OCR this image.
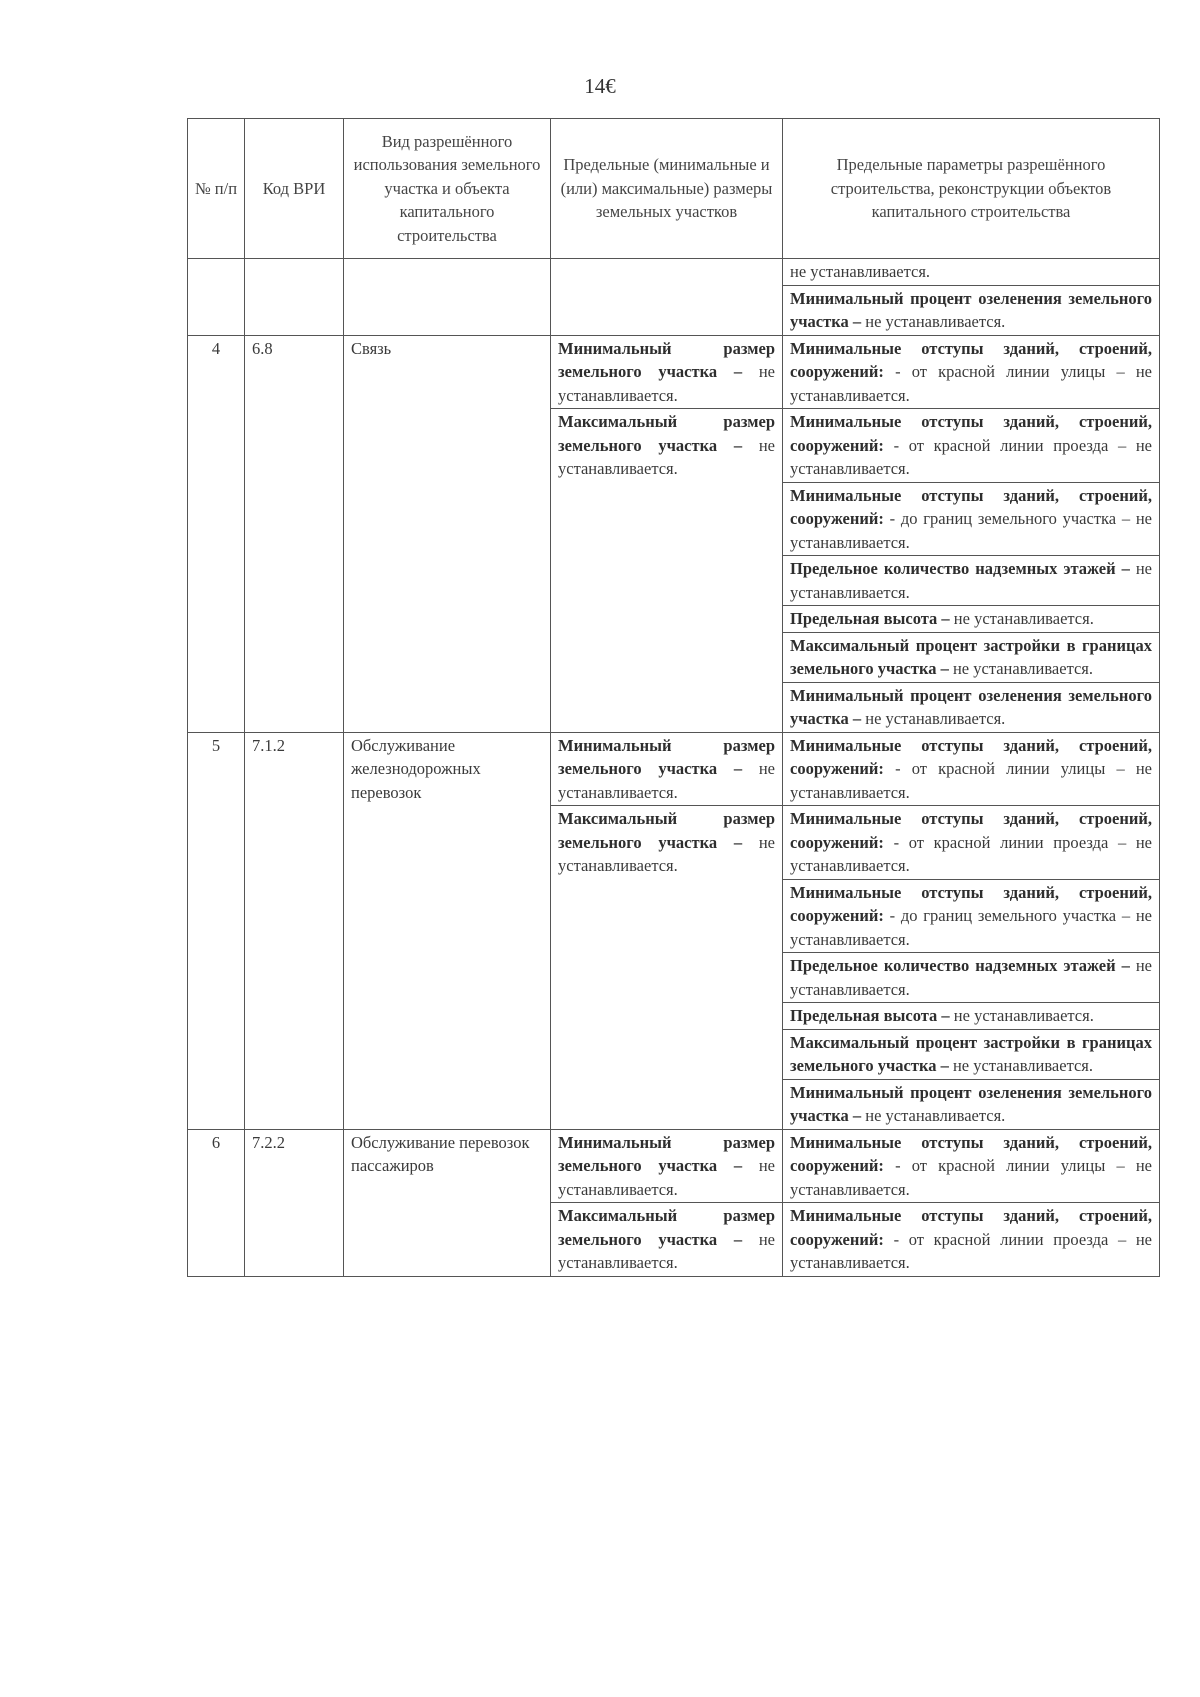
14€
№ п/п	Код ВРИ	Вид разрешённого использования земельного участка и объекта капитального строительства	Предельные (минимальные и (или) максимальные) размеры земельных участков	Предельные параметры разрешённого строительства, реконструкции объектов капитального строительства
				не устанавливается.
				Минимальный процент озеленения земельного участка – не устанавливается.
4	6.8	Связь	Минимальный размер земельного участка – не устанавливается.	Минимальные отступы зданий, строений, сооружений: - от красной линии улицы – не устанавливается.
			Максимальный размер земельного участка – не устанавливается.	Минимальные отступы зданий, строений, сооружений: - от красной линии проезда – не устанавливается.
				Минимальные отступы зданий, строений, сооружений: - до границ земельного участка – не устанавливается.
				Предельное количество надземных этажей – не устанавливается.
				Предельная высота – не устанавливается.
				Максимальный процент застройки в границах земельного участка – не устанавливается.
				Минимальный процент озеленения земельного участка – не устанавливается.
5	7.1.2	Обслуживание железнодорожных перевозок	Минимальный размер земельного участка – не устанавливается.	Минимальные отступы зданий, строений, сооружений: - от красной линии улицы – не устанавливается.
			Максимальный размер земельного участка – не устанавливается.	Минимальные отступы зданий, строений, сооружений: - от красной линии проезда – не устанавливается.
				Минимальные отступы зданий, строений, сооружений: - до границ земельного участка – не устанавливается.
				Предельное количество надземных этажей – не устанавливается.
				Предельная высота – не устанавливается.
				Максимальный процент застройки в границах земельного участка – не устанавливается.
				Минимальный процент озеленения земельного участка – не устанавливается.
6	7.2.2	Обслуживание перевозок пассажиров	Минимальный размер земельного участка – не устанавливается.	Минимальные отступы зданий, строений, сооружений: - от красной линии улицы – не устанавливается.
			Максимальный размер земельного участка – не устанавливается.	Минимальные отступы зданий, строений, сооружений: - от красной линии проезда – не устанавливается.
